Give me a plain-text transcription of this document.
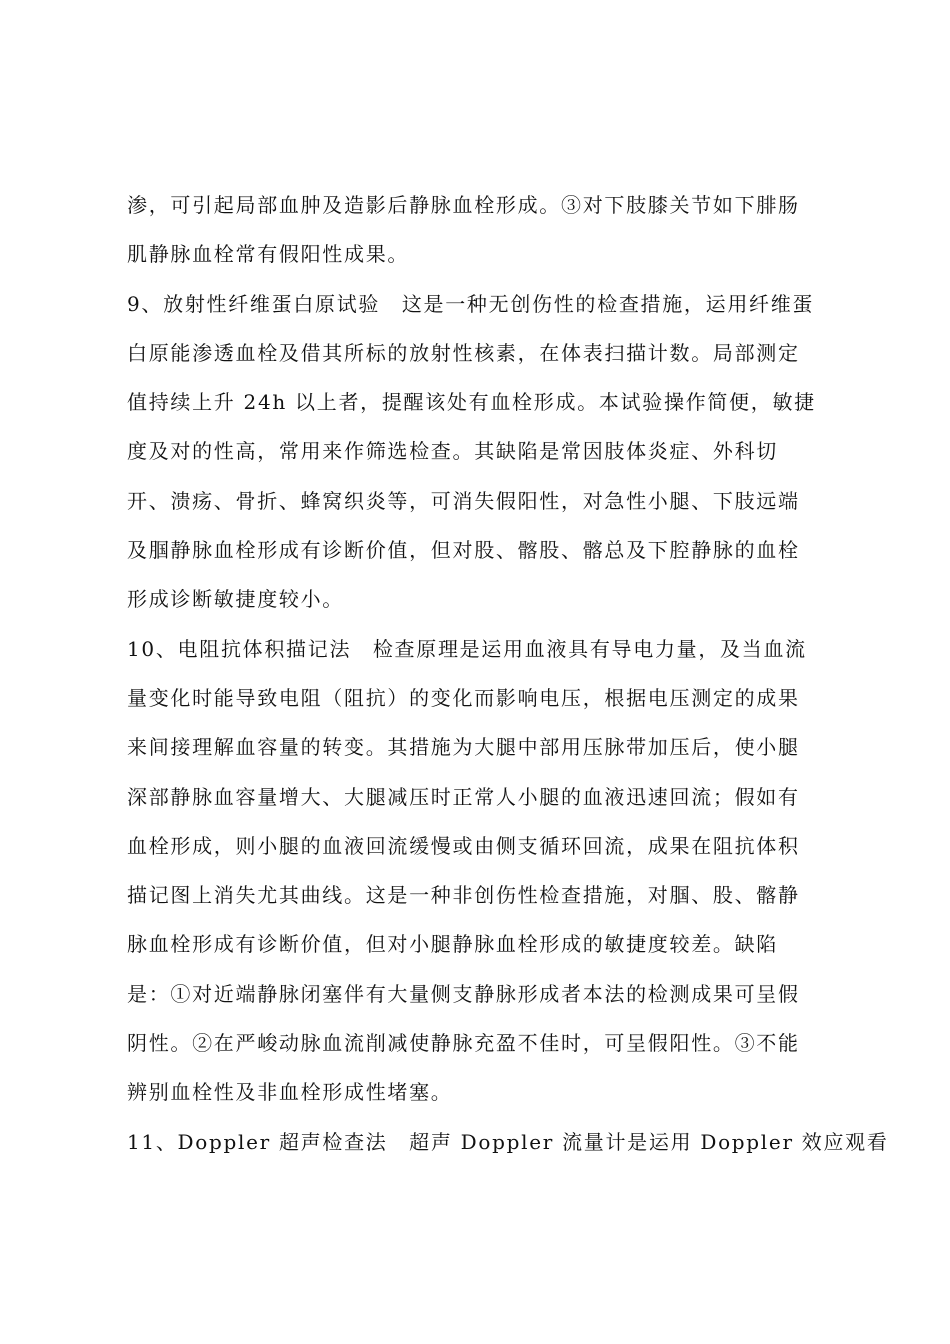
渗，可引起局部血肿及造影后静脉血栓形成。③对下肢膝关节如下腓肠
肌静脉血栓常有假阳性成果。
9、放射性纤维蛋白原试验　这是一种无创伤性的检查措施，运用纤维蛋
白原能渗透血栓及借其所标的放射性核素，在体表扫描计数。局部测定
值持续上升 24h 以上者，提醒该处有血栓形成。本试验操作简便，敏捷
度及对的性高，常用来作筛选检查。其缺陷是常因肢体炎症、外科切
开、溃疡、骨折、蜂窝织炎等，可消失假阳性，对急性小腿、下肢远端
及腘静脉血栓形成有诊断价值，但对股、髂股、髂总及下腔静脉的血栓
形成诊断敏捷度较小。
10、电阻抗体积描记法　检查原理是运用血液具有导电力量，及当血流
量变化时能导致电阻（阻抗）的变化而影响电压，根据电压测定的成果
来间接理解血容量的转变。其措施为大腿中部用压脉带加压后，使小腿
深部静脉血容量增大、大腿减压时正常人小腿的血液迅速回流；假如有
血栓形成，则小腿的血液回流缓慢或由侧支循环回流，成果在阻抗体积
描记图上消失尤其曲线。这是一种非创伤性检查措施，对腘、股、髂静
脉血栓形成有诊断价值，但对小腿静脉血栓形成的敏捷度较差。缺陷
是：①对近端静脉闭塞伴有大量侧支静脉形成者本法的检测成果可呈假
阴性。②在严峻动脉血流削减使静脉充盈不佳时，可呈假阳性。③不能
辨别血栓性及非血栓形成性堵塞。
11、Doppler 超声检查法　超声 Doppler 流量计是运用 Doppler 效应观看
